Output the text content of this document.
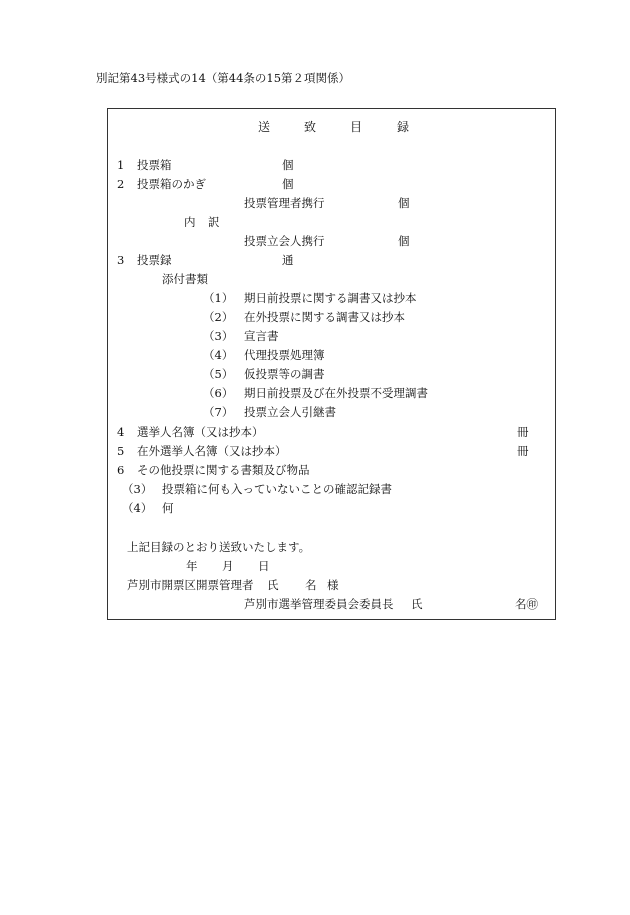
別記第43号様式の14（第44条の15第２項関係）
送	致	目	録
1 投票箱	個
2 投票箱のかぎ	個
投票管理者携行	個
内 訳
投票立会人携行	個
3 投票録	通
添付書類
（1） 期日前投票に関する調書又は抄本
（2） 在外投票に関する調書又は抄本
（3） 宣言書
（4） 代理投票処理簿
（5） 仮投票等の調書
（6） 期日前投票及び在外投票不受理調書
（7） 投票立会人引継書
4 選挙人名簿（又は抄本）	冊
5 在外選挙人名簿（又は抄本）	冊
6 その他投票に関する書類及び物品
（3） 投票箱に何も入っていないことの確認記録書
（4） 何
上記目録のとおり送致いたします。
年 月 日
芦別市開票区開票管理者 氏 名 様
芦別市選挙管理委員会委員長 氏	名㊞
